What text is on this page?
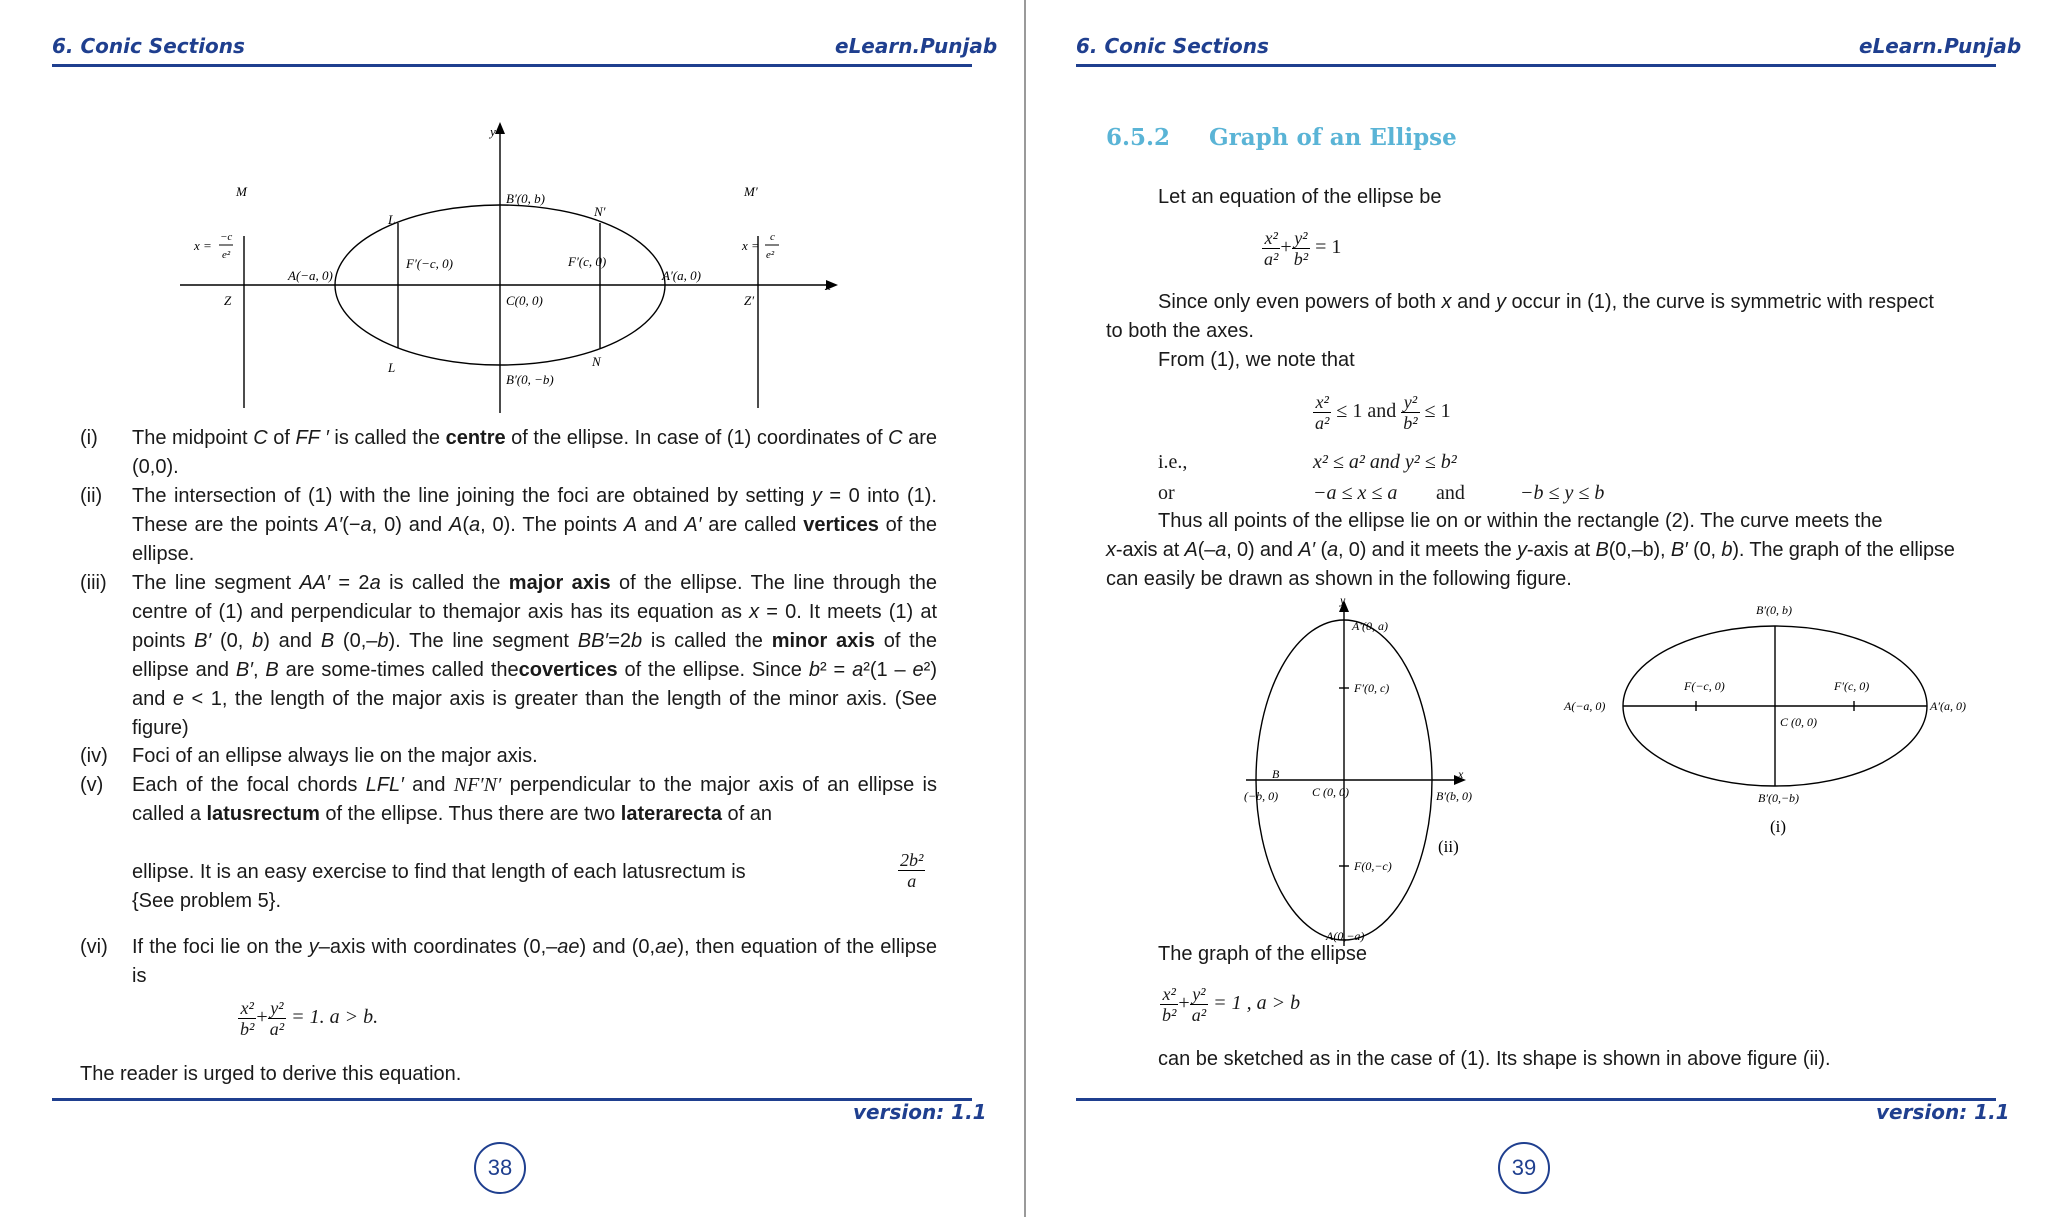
6. Conic Sections	eLearn.Punjab
y
x
M	M′
L
L
N′
N
Z	Z′
B′(0, b)
B′(0, −b)
F′(−c, 0)	F′(c, 0)
A(−a, 0)	A′(a, 0)
C(0, 0)
x =
−c
e²
x =
c
e²
(i) The midpoint C of FF ′ is called the centre of the ellipse. In case of (1) coordinates of C are (0,0).
(ii) The intersection of (1) with the line joining the foci are obtained by setting y = 0 into (1). These are the points A′(−a, 0) and A(a, 0). The points A and A′ are called vertices of the ellipse.
(iii) The line segment AA′ = 2a is called the major axis of the ellipse. The line through the centre of (1) and perpendicular to themajor axis has its equation as x = 0. It meets (1) at points B′ (0, b) and B (0,–b). The line segment BB′=2b is called the minor axis of the ellipse and B′, B are some-times called thecovertices of the ellipse. Since b² = a²(1 – e²) and e < 1, the length of the major axis is greater than the length of the minor axis. (See figure)
(iv) Foci of an ellipse always lie on the major axis.
(v) Each of the focal chords LFL′ and NF′N′ perpendicular to the major axis of an ellipse is called a latusrectum of the ellipse. Thus there are two laterarecta of an
ellipse. It is an easy exercise to find that length of each latusrectum is	$\frac{\text{2b²}}{a}$
{See problem 5}.
(vi) If the foci lie on the y–axis with coordinates (0,–ae) and (0,ae), then equation of the ellipse is
$\frac{\text{x²}}{\text{b²}} + \frac{\text{y²}}{\text{a²}} = 1$. a > b.
The reader is urged to derive this equation.
version: 1.1
38
6. Conic Sections	eLearn.Punjab
6.5.2 Graph of an Ellipse
Let an equation of the ellipse be
$\frac{\text{x²}}{\text{a²}} + \frac{\text{y²}}{\text{b²}} = 1$
Since only even powers of both x and y occur in (1), the curve is symmetric with respect
to both the axes.
From (1), we note that
$\frac{\text{x²}}{\text{a²}} \le 1$ and $\frac{\text{y²}}{\text{b²}} \le 1$
i.e.,	x² ≤ a² and y² ≤ b²
or	−a ≤ x ≤ a and	−b ≤ y ≤ b
Thus all points of the ellipse lie on or within the rectangle (2). The curve meets the
x-axis at A(–a, 0) and A′ (a, 0) and it meets the y-axis at B(0,–b), B′ (0, b). The graph of the ellipse
can easily be drawn as shown in the following figure.
y
x
A′(0, a)
F′(0, c)
B
(−b, 0)	C (0, 0)	B′(b, 0)
F(0,−c)
A(0,−a)
(ii)
B′(0, b)
F(−c, 0)	F′(c, 0)
A(−a, 0)	A′(a, 0)
C (0, 0)
B′(0,−b)
(i)
The graph of the ellipse
$\frac{\text{x²}}{\text{b²}} + \frac{\text{y²}}{\text{a²}} = 1$ , a > b
can be sketched as in the case of (1). Its shape is shown in above figure (ii).
version: 1.1
39
